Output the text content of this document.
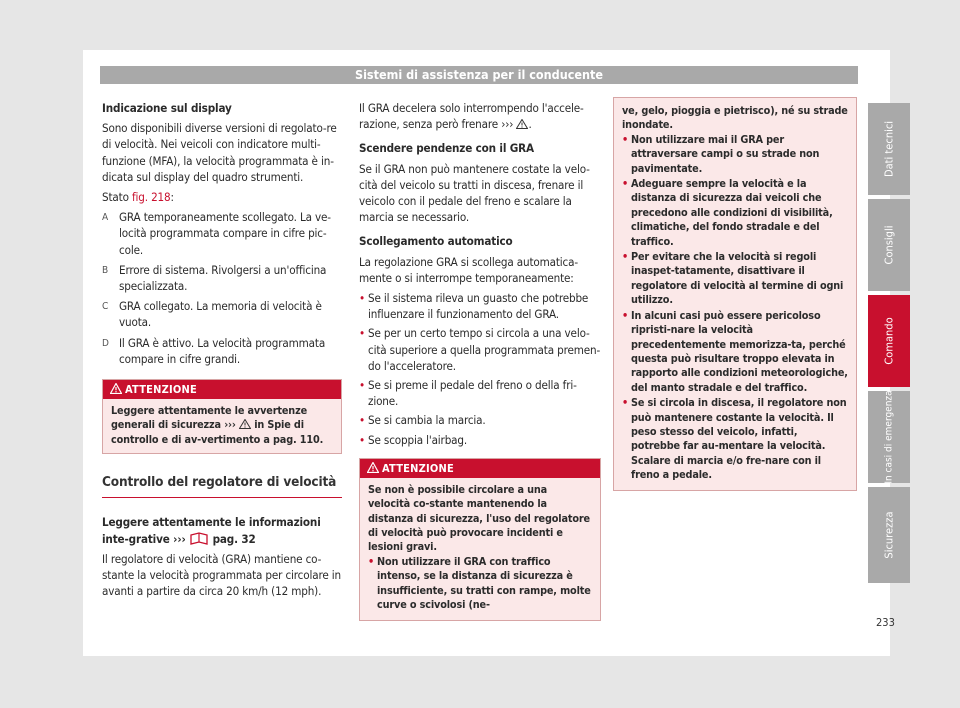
Sistemi di assistenza per il conducente

Indicazione sul display

Sono disponibili diverse versioni di regolato-re di velocità. Nei veicoli con indicatore multi-funzione (MFA), la velocità programmata è in-dicata sul display del quadro strumenti.

Stato fig. 218:

A GRA temporaneamente scollegato. La ve-locità programmata compare in cifre pic-cole.
B Errore di sistema. Rivolgersi a un'officina specializzata.
C GRA collegato. La memoria di velocità è vuota.
D Il GRA è attivo. La velocità programmata compare in cifre grandi.
ATTENZIONE

Leggere attentamente le avvertenze generali di sicurezza ››› in Spie di controllo e di av-vertimento a pag. 110.

Controllo del regolatore di velocità

Leggere attentamente le informazioni inte-grative ››› pag. 32

Il regolatore di velocità (GRA) mantiene co-stante la velocità programmata per circolare in avanti a partire da circa 20 km/h (12 mph).

Il GRA decelera solo interrompendo l'accele-razione, senza però frenare ››› .

Scendere pendenze con il GRA

Se il GRA non può mantenere costate la velo-cità del veicolo su tratti in discesa, frenare il veicolo con il pedale del freno e scalare la marcia se necessario.

Scollegamento automatico

La regolazione GRA si scollega automatica-mente o si interrompe temporaneamente:

• Se il sistema rileva un guasto che potrebbe influenzare il funzionamento del GRA.
• Se per un certo tempo si circola a una velo-cità superiore a quella programmata premen-do l'acceleratore.
• Se si preme il pedale del freno o della fri-zione.
• Se si cambia la marcia.
• Se scoppia l'airbag.
ATTENZIONE

Se non è possibile circolare a una velocità co-stante mantenendo la distanza di sicurezza, l'uso del regolatore di velocità può provocare incidenti e lesioni gravi.

• Non utilizzare il GRA con traffico intenso, se la distanza di sicurezza è insufficiente, su tratti con rampe, molte curve o scivolosi (ne-

ve, gelo, pioggia e pietrisco), né su strade inondate.

• Non utilizzare mai il GRA per attraversare campi o su strade non pavimentate.
• Adeguare sempre la velocità e la distanza di sicurezza dai veicoli che precedono alle condizioni di visibilità, climatiche, del fondo stradale e del traffico.
• Per evitare che la velocità si regoli inaspet-tatamente, disattivare il regolatore di velocità al termine di ogni utilizzo.
• In alcuni casi può essere pericoloso ripristi-nare la velocità precedentemente memorizza-ta, perché questa può risultare troppo elevata in rapporto alle condizioni meteorologiche, del manto stradale e del traffico.
• Se si circola in discesa, il regolatore non può mantenere costante la velocità. Il peso stesso del veicolo, infatti, potrebbe far au-mentare la velocità. Scalare di marcia e/o fre-nare con il freno a pedale.
Dati tecnici
Consigli
Comando
In casi di emergenza
Sicurezza
233
